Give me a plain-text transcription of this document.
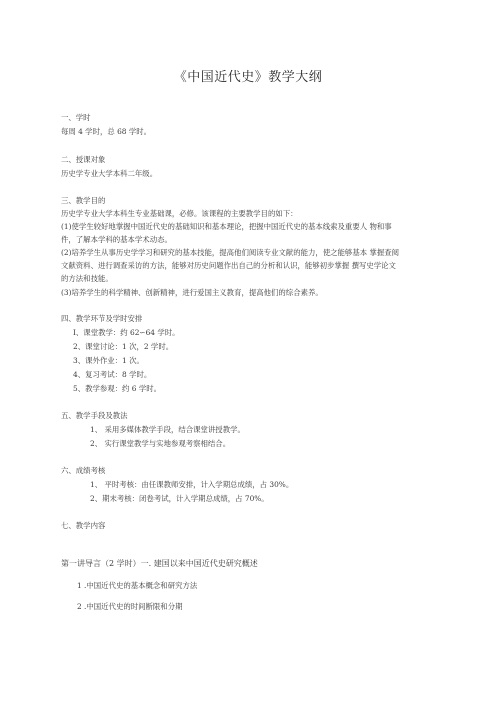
《中国近代史》教学大纲
一、学时
每周 4 学时，总 68 学时。
二、授课对象
历史学专业大学本科二年级。
三、教学目的
历史学专业大学本科生专业基础课，必修。该课程的主要教学目的如下：
(1)使学生较好地掌握中国近代史的基础知识和基本理论，把握中国近代史的基本线索及重要人 物和事
件，了解本学科的基本学术动态。
(2)培养学生从事历史学学习和研究的基本技能，提高他们阅读专业文献的能力，使之能够基本 掌握查阅
文献资料、进行调查采访的方法，能够对历史问题作出自己的分析和认识，能够初步掌握 撰写史学论文
的方法和技能。
(3)培养学生的科学精神、创新精神，进行爱国主义教育，提高他们的综合素养。
四、教学环节及学时安排
I、课堂教学：约 62∽64 学时。
2、课堂讨论：1 次，2 学时。
3、课外作业：1 次。
4、复习考试：8 学时。
5、教学参观：约 6 学时。
五、教学手段及教法
1、 采用多媒体教学手段，结合课堂讲授教学。
2、 实行课堂教学与实地参观考察相结合。
六、成绩考核
1、 平时考核：由任课教师安排，计入学期总成绩，占 30%。
2、期末考核：闭卷考试，计入学期总成绩，占 70%。
七、教学内容
第一讲导言（2 学时）一. 建国以来中国近代史研究概述
1 .中国近代史的基本概念和研究方法
2 .中国近代史的时间断限和分期
